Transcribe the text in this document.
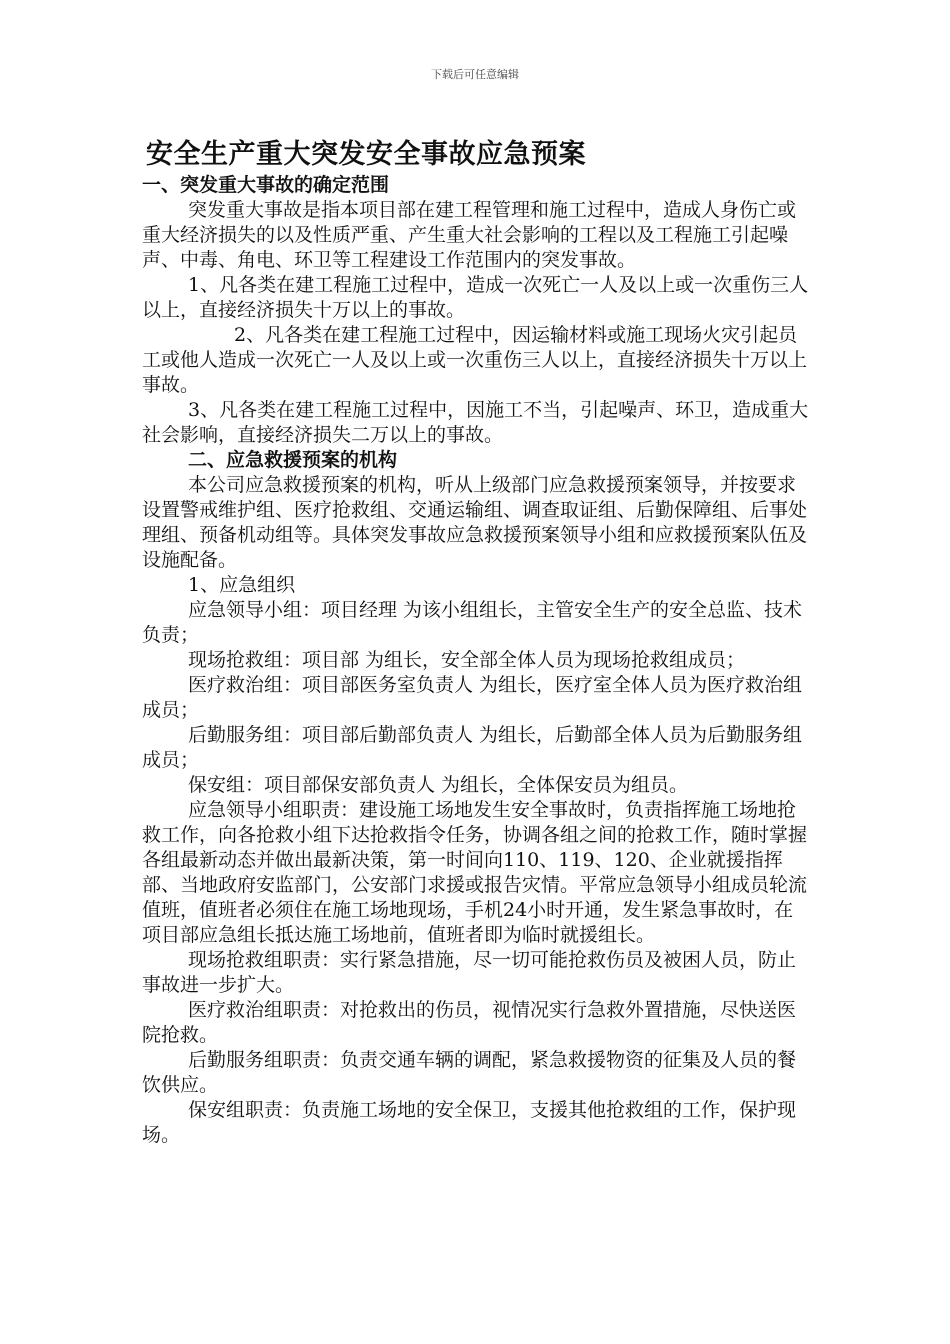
下载后可任意编辑
安全生产重大突发安全事故应急预案

一、突发重大事故的确定范围

突发重大事故是指本项目部在建工程管理和施工过程中，造成人身伤亡或重大经济损失的以及性质严重、产生重大社会影响的工程以及工程施工引起噪声、中毒、角电、环卫等工程建设工作范围内的突发事故。

1、凡各类在建工程施工过程中，造成一次死亡一人及以上或一次重伤三人以上，直接经济损失十万以上的事故。

2、凡各类在建工程施工过程中，因运输材料或施工现场火灾引起员工或他人造成一次死亡一人及以上或一次重伤三人以上，直接经济损失十万以上事故。

3、凡各类在建工程施工过程中，因施工不当，引起噪声、环卫，造成重大社会影响，直接经济损失二万以上的事故。

二、应急救援预案的机构

本公司应急救援预案的机构，听从上级部门应急救援预案领导，并按要求设置警戒维护组、医疗抢救组、交通运输组、调查取证组、后勤保障组、后事处理组、预备机动组等。具体突发事故应急救援预案领导小组和应救援预案队伍及设施配备。

1、应急组织

应急领导小组：项目经理 为该小组组长，主管安全生产的安全总监、技术负责；

现场抢救组：项目部 为组长，安全部全体人员为现场抢救组成员；

医疗救治组：项目部医务室负责人 为组长，医疗室全体人员为医疗救治组成员；

后勤服务组：项目部后勤部负责人 为组长，后勤部全体人员为后勤服务组成员；

保安组：项目部保安部负责人 为组长，全体保安员为组员。

应急领导小组职责：建设施工场地发生安全事故时，负责指挥施工场地抢救工作，向各抢救小组下达抢救指令任务，协调各组之间的抢救工作，随时掌握各组最新动态并做出最新决策，第一时间向110、119、120、企业就援指挥部、当地政府安监部门，公安部门求援或报告灾情。平常应急领导小组成员轮流值班，值班者必须住在施工场地现场，手机24小时开通，发生紧急事故时，在项目部应急组长抵达施工场地前，值班者即为临时就援组长。

现场抢救组职责：实行紧急措施，尽一切可能抢救伤员及被困人员，防止事故进一步扩大。

医疗救治组职责：对抢救出的伤员，视情况实行急救外置措施，尽快送医院抢救。

后勤服务组职责：负责交通车辆的调配，紧急救援物资的征集及人员的餐饮供应。

保安组职责：负责施工场地的安全保卫，支援其他抢救组的工作，保护现场。
